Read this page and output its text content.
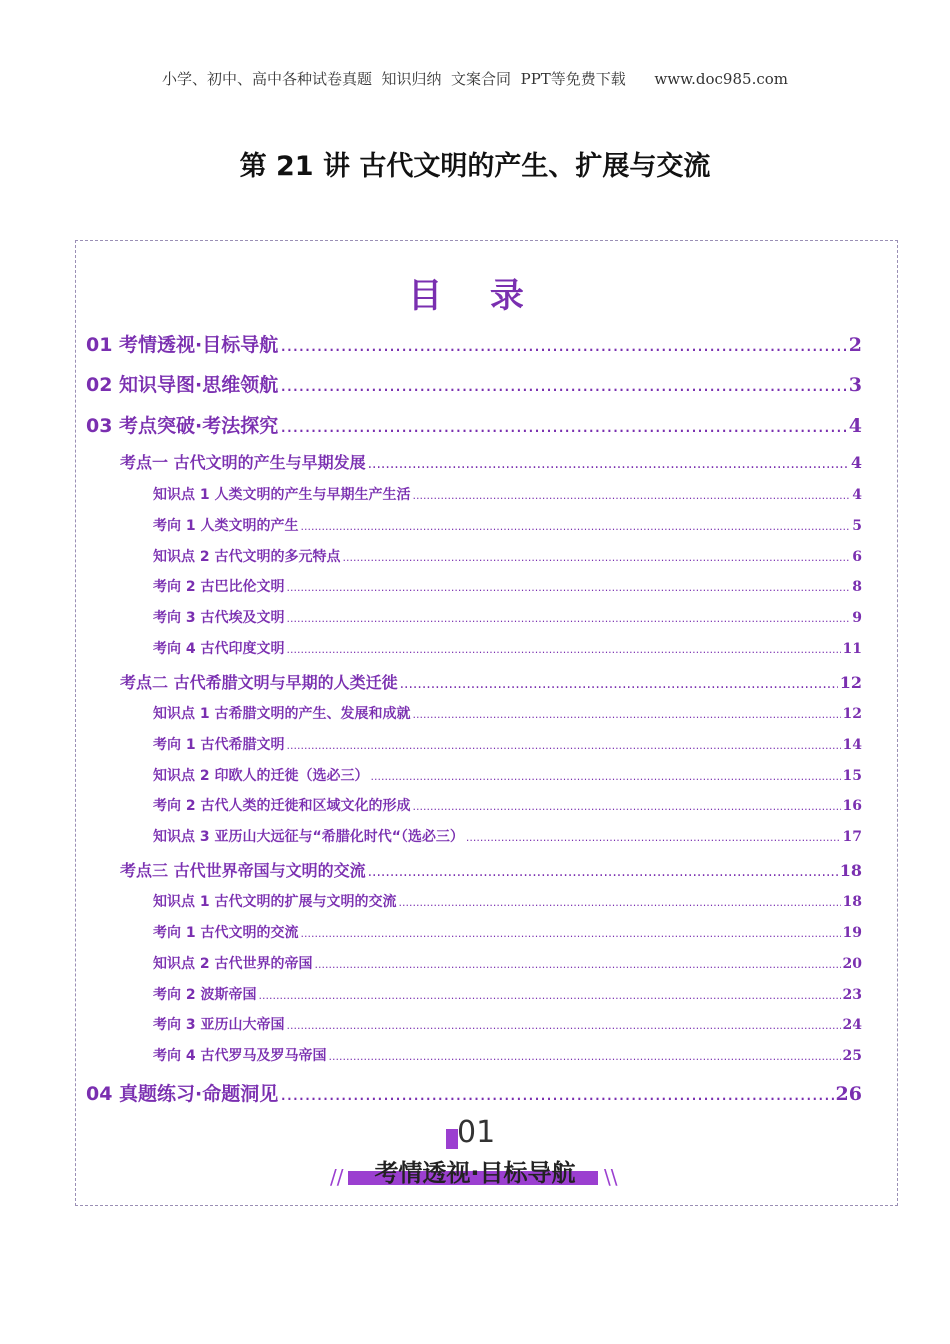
小学、初中、高中各种试卷真题  知识归纳  文案合同  PPT等免费下载      www.doc985.com
第 21 讲 古代文明的产生、扩展与交流
目 录
01 考情透视·目标导航 .....	2
02 知识导图·思维领航 .....	3
03 考点突破·考法探究 .....	4
考点一 古代文明的产生与早期发展 .....	4
知识点 1 人类文明的产生与早期生产生活 .....	4
考向 1 人类文明的产生 .....	5
知识点 2 古代文明的多元特点 .....	6
考向 2 古巴比伦文明 .....	8
考向 3 古代埃及文明 .....	9
考向 4 古代印度文明 .....	11
考点二 古代希腊文明与早期的人类迁徙 .....	12
知识点 1 古希腊文明的产生、发展和成就 .....	12
考向 1 古代希腊文明 .....	14
知识点 2 印欧人的迁徙（选必三） .....	15
考向 2 古代人类的迁徙和区域文化的形成 .....	16
知识点 3 亚历山大远征与“希腊化时代“（选必三） .....	17
考点三 古代世界帝国与文明的交流 .....	18
知识点 1 古代文明的扩展与文明的交流 .....	18
考向 1 古代文明的交流 .....	19
知识点 2 古代世界的帝国 .....	20
考向 2 波斯帝国 .....	23
考向 3 亚历山大帝国 .....	24
考向 4 古代罗马及罗马帝国 .....	25
04 真题练习·命题洞见 .....	26
01
//	考情透视·目标导航	\\
